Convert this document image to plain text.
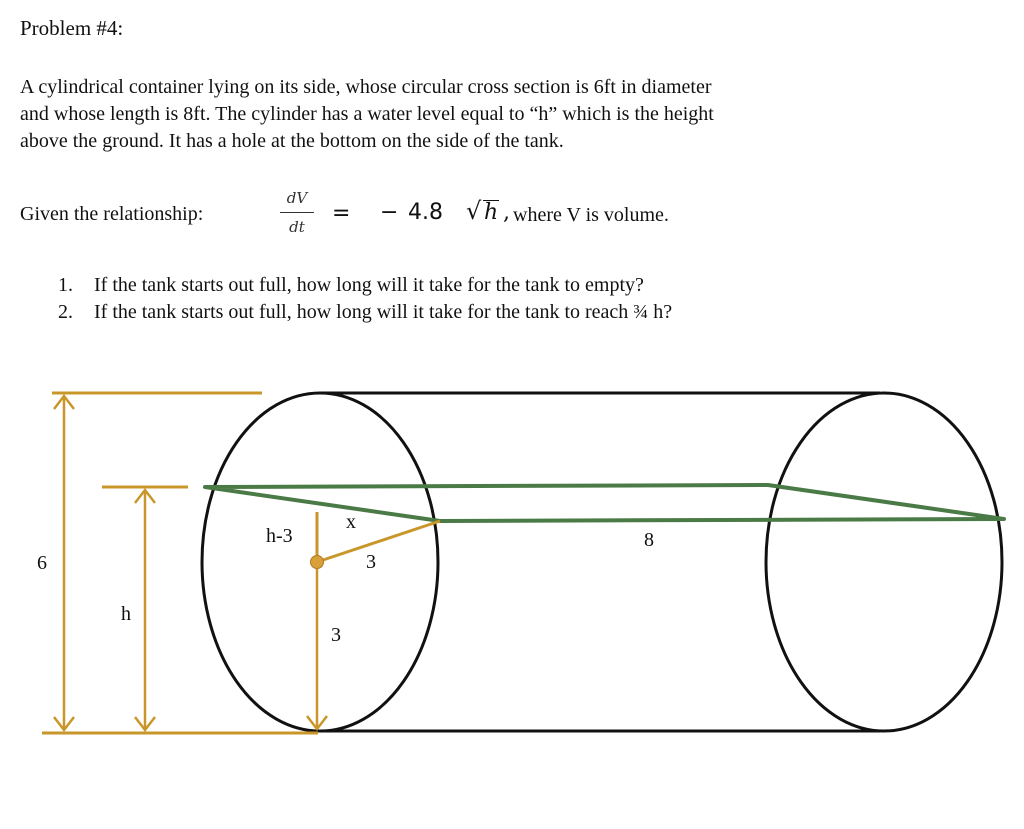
Problem #4:
A cylindrical container lying on its side, whose circular cross section is 6ft in diameter
and whose length is 8ft. The cylinder has a water level equal to “h” which is the height
above the ground. It has a hole at the bottom on the side of the tank.
Given the relationship:
dV
dt
= − 4.8 √ h , where V is volume.
1. If the tank starts out full, how long will it take for the tank to empty?
2. If the tank starts out full, how long will it take for the tank to reach ¾ h?
6
h
h-3
x
3
3
8
